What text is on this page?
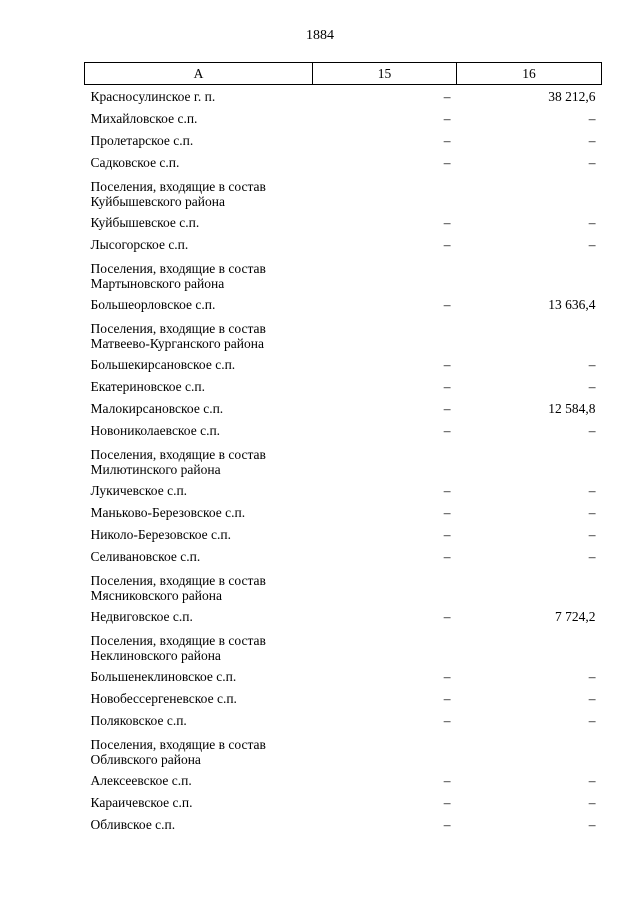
1884
А	15	16
Красносулинское г. п.	–	38 212,6
Михайловское с.п.	–	–
Пролетарское с.п.	–	–
Садковское с.п.	–	–
Поселения, входящие в состав Куйбышевского района		
Куйбышевское с.п.	–	–
Лысогорское с.п.	–	–
Поселения, входящие в состав Мартыновского района		
Большеорловское с.п.	–	13 636,4
Поселения, входящие в состав Матвеево-Курганского района		
Большекирсановское с.п.	–	–
Екатериновское с.п.	–	–
Малокирсановское с.п.	–	12 584,8
Новониколаевское с.п.	–	–
Поселения, входящие в состав Милютинского района		
Лукичевское с.п.	–	–
Маньково-Березовское с.п.	–	–
Николо-Березовское с.п.	–	–
Селивановское с.п.	–	–
Поселения, входящие в состав Мясниковского района		
Недвиговское с.п.	–	7 724,2
Поселения, входящие в состав Неклиновского района		
Большенеклиновское с.п.	–	–
Новобессергеневское с.п.	–	–
Поляковское с.п.	–	–
Поселения, входящие в состав Обливского района		
Алексеевское с.п.	–	–
Караичевское с.п.	–	–
Обливское с.п.	–	–
